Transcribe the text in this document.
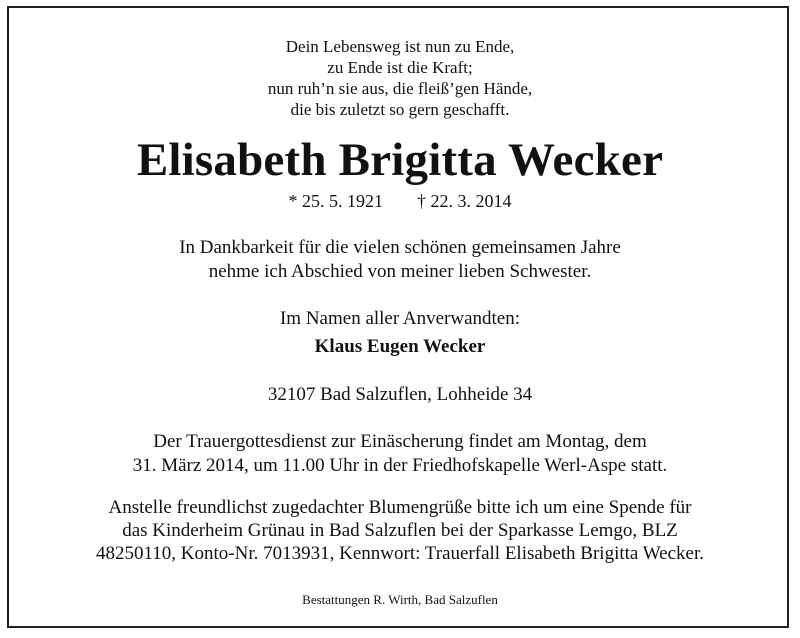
Dein Lebensweg ist nun zu Ende,
zu Ende ist die Kraft;
nun ruh’n sie aus, die fleiß’gen Hände,
die bis zuletzt so gern geschafft.
Elisabeth Brigitta Wecker
* 25. 5. 1921 † 22. 3. 2014
In Dankbarkeit für die vielen schönen gemeinsamen Jahre
nehme ich Abschied von meiner lieben Schwester.
Im Namen aller Anverwandten:
Klaus Eugen Wecker
32107 Bad Salzuflen, Lohheide 34
Der Trauergottesdienst zur Einäscherung findet am Montag, dem
31. März 2014, um 11.00 Uhr in der Friedhofskapelle Werl-Aspe statt.
Anstelle freundlichst zugedachter Blumengrüße bitte ich um eine Spende für
das Kinderheim Grünau in Bad Salzuflen bei der Sparkasse Lemgo, BLZ
48250110, Konto-Nr. 7013931, Kennwort: Trauerfall Elisabeth Brigitta Wecker.
Bestattungen R. Wirth, Bad Salzuflen
